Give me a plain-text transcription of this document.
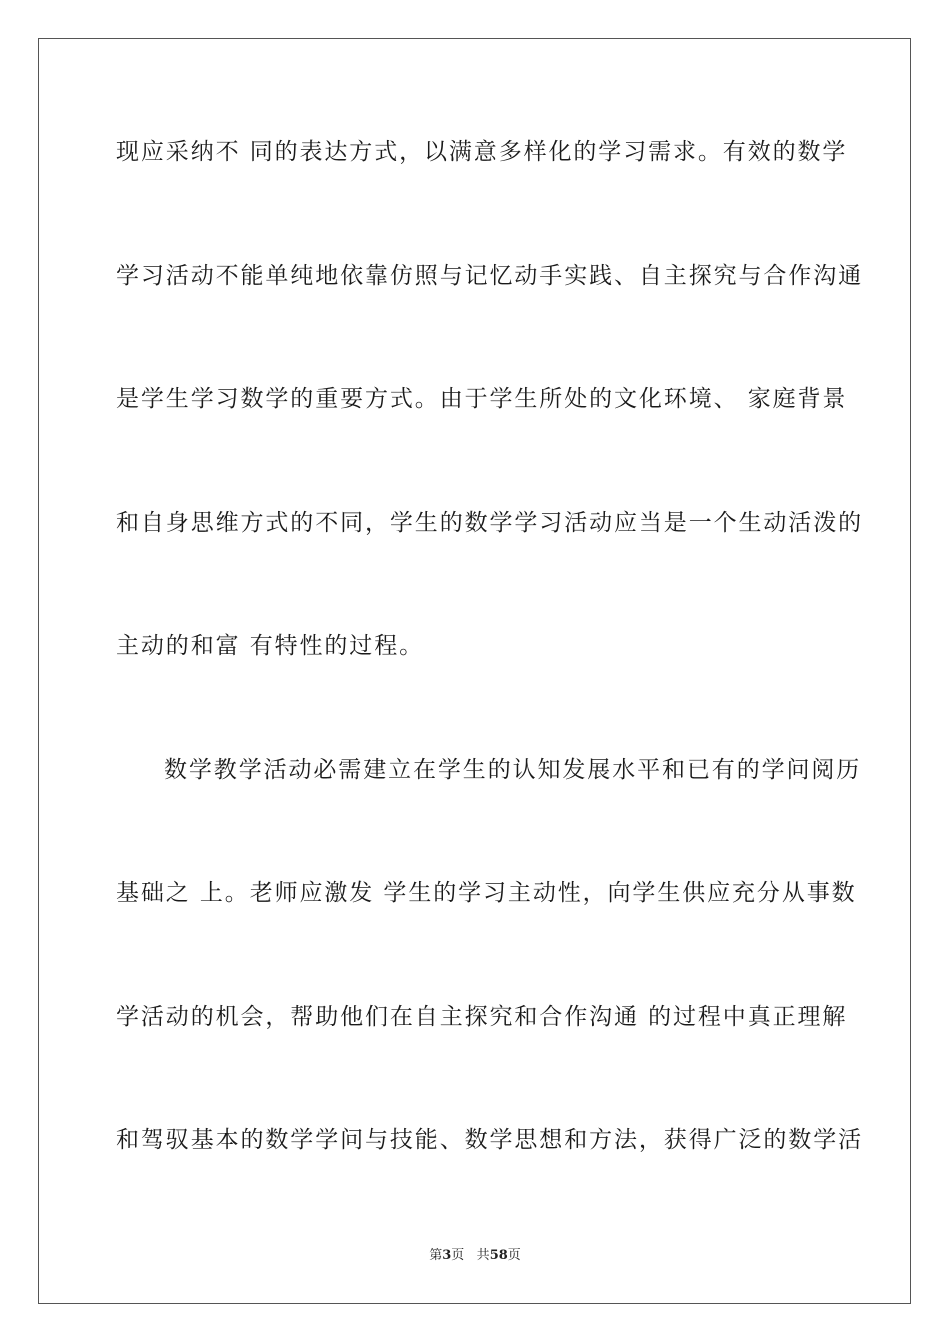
现应采纳不 同的表达方式，以满意多样化的学习需求。有效的数学
学习活动不能单纯地依靠仿照与记忆动手实践、自主探究与合作沟通
是学生学习数学的重要方式。由于学生所处的文化环境、 家庭背景
和自身思维方式的不同，学生的数学学习活动应当是一个生动活泼的
主动的和富 有特性的过程。
数学教学活动必需建立在学生的认知发展水平和已有的学问阅历
基础之 上。老师应激发 学生的学习主动性，向学生供应充分从事数
学活动的机会，帮助他们在自主探究和合作沟通 的过程中真正理解
和驾驭基本的数学学问与技能、数学思想和方法，获得广泛的数学活
第3页 共58页
